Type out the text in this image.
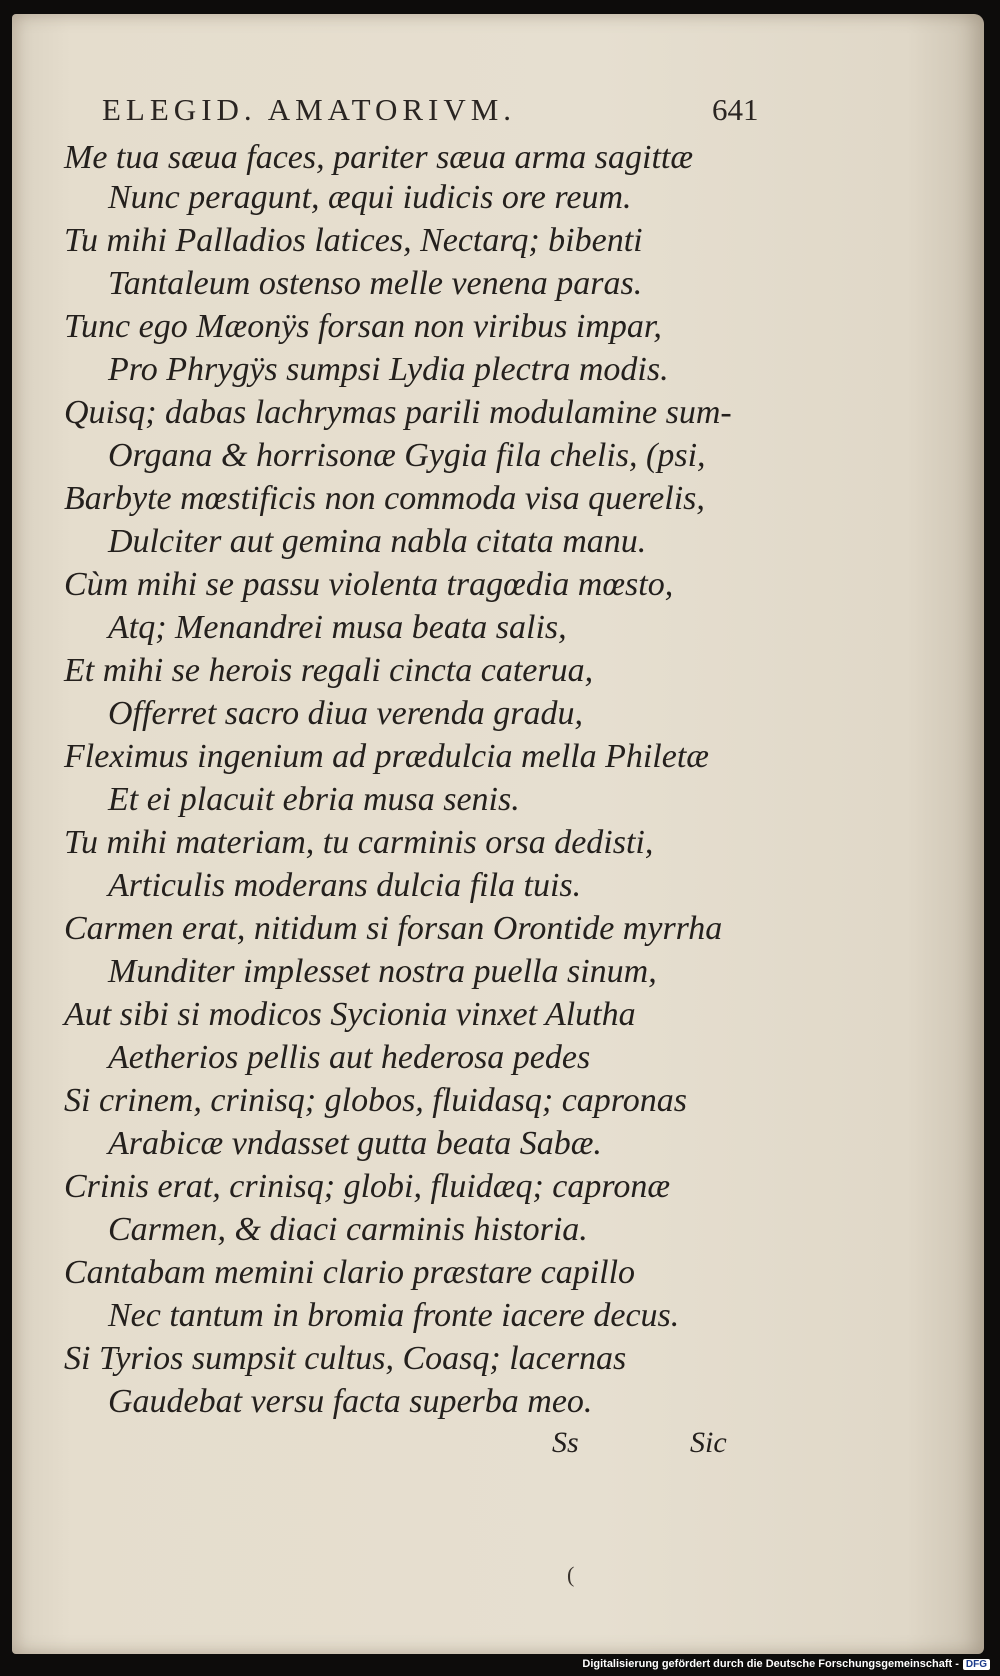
ELEGID. AMATORIVM.	641
Me tua sæua faces, pariter sæua arma sagittæ
Nunc peragunt, æqui iudicis ore reum.
Tu mihi Palladios latices, Nectarq; bibenti
Tantaleum ostenso melle venena paras.
Tunc ego Mæonÿs forsan non viribus impar,
Pro Phrygÿs sumpsi Lydia plectra modis.
Quisq; dabas lachrymas parili modulamine sum-
Organa & horrisonæ Gygia fila chelis, (psi,
Barbyte mœstificis non commoda visa querelis,
Dulciter aut gemina nabla citata manu.
Cùm mihi se passu violenta tragœdia mœsto,
Atq; Menandrei musa beata salis,
Et mihi se herois regali cincta caterua,
Offerret sacro diua verenda gradu,
Fleximus ingenium ad prædulcia mella Philetæ
Et ei placuit ebria musa senis.
Tu mihi materiam, tu carminis orsa dedisti,
Articulis moderans dulcia fila tuis.
Carmen erat, nitidum si forsan Orontide myrrha
Munditer implesset nostra puella sinum,
Aut sibi si modicos Sycionia vinxet Alutha
Aetherios pellis aut hederosa pedes
Si crinem, crinisq; globos, fluidasq; capronas
Arabicæ vndasset gutta beata Sabæ.
Crinis erat, crinisq; globi, fluidæq; capronæ
Carmen, & diaci carminis historia.
Cantabam memini clario præstare capillo
Nec tantum in bromia fronte iacere decus.
Si Tyrios sumpsit cultus, Coasq; lacernas
Gaudebat versu facta superba meo.
Ss	Sic
(
Digitalisierung gefördert durch die Deutsche Forschungsgemeinschaft - DFG
